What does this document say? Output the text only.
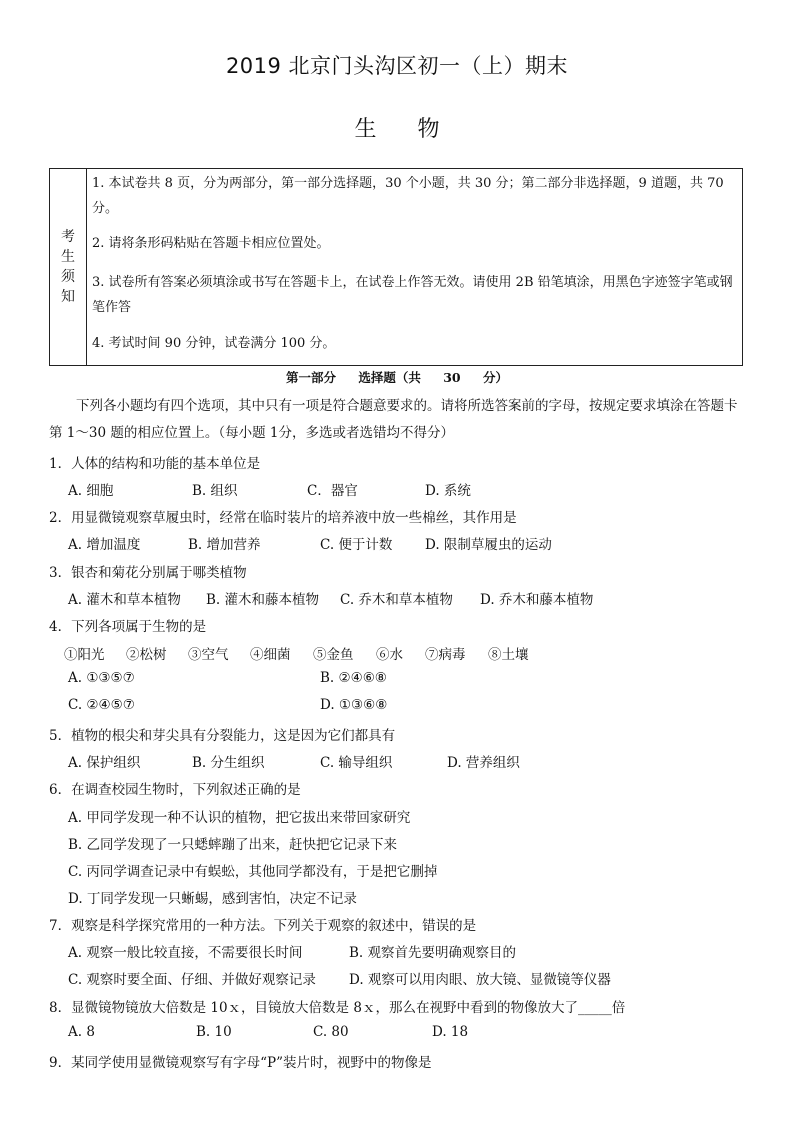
2019 北京门头沟区初一（上）期末
生 物
考
生
须
知
1. 本试卷共 8 页，分为两部分，第一部分选择题，30 个小题，共 30 分；第二部分非选择题，9 道题，共 70 分。
2. 请将条形码粘贴在答题卡相应位置处。
3. 试卷所有答案必须填涂或书写在答题卡上，在试卷上作答无效。请使用 2B 铅笔填涂，用黑色字迹签字笔或钢笔作答
4. 考试时间 90 分钟，试卷满分 100 分。
第一部分 选择题（共 30 分）
下列各小题均有四个选项，其中只有一项是符合题意要求的。请将所选答案前的字母，按规定要求填涂在答题卡第 1～30 题的相应位置上。（每小题 1分，多选或者选错均不得分）
1．人体的结构和功能的基本单位是
A. 细胞	B. 组织	C．器官	D. 系统
2．用显微镜观察草履虫时，经常在临时装片的培养液中放一些棉丝，其作用是
A. 增加温度	B. 增加营养	C. 便于计数 D. 限制草履虫的运动
3．银杏和菊花分别属于哪类植物
A. 灌木和草本植物 B. 灌木和藤本植物 C. 乔木和草本植物 D. 乔木和藤本植物
4．下列各项属于生物的是
①阳光 ②松树 ③空气 ④细菌 ⑤金鱼 ⑥水 ⑦病毒 ⑧土壤
A. ①③⑤⑦	B. ②④⑥⑧
C. ②④⑤⑦	D. ①③⑥⑧
5．植物的根尖和芽尖具有分裂能力，这是因为它们都具有
A. 保护组织	B. 分生组织	C. 输导组织	D. 营养组织
6．在调查校园生物时，下列叙述正确的是
A. 甲同学发现一种不认识的植物，把它拔出来带回家研究
B. 乙同学发现了一只蟋蟀蹦了出来，赶快把它记录下来
C. 丙同学调查记录中有蜈蚣，其他同学都没有，于是把它删掉
D. 丁同学发现一只蜥蜴，感到害怕，决定不记录
7．观察是科学探究常用的一种方法。下列关于观察的叙述中，错误的是
A. 观察一般比较直接，不需要很长时间	B. 观察首先要明确观察目的
C. 观察时要全面、仔细、并做好观察记录 D. 观察可以用肉眼、放大镜、显微镜等仪器
8．显微镜物镜放大倍数是 10ｘ，目镜放大倍数是 8ｘ，那么在视野中看到的物像放大了_____倍
A. 8	B. 10	C. 80	D. 18
9．某同学使用显微镜观察写有字母“P”装片时，视野中的物像是
